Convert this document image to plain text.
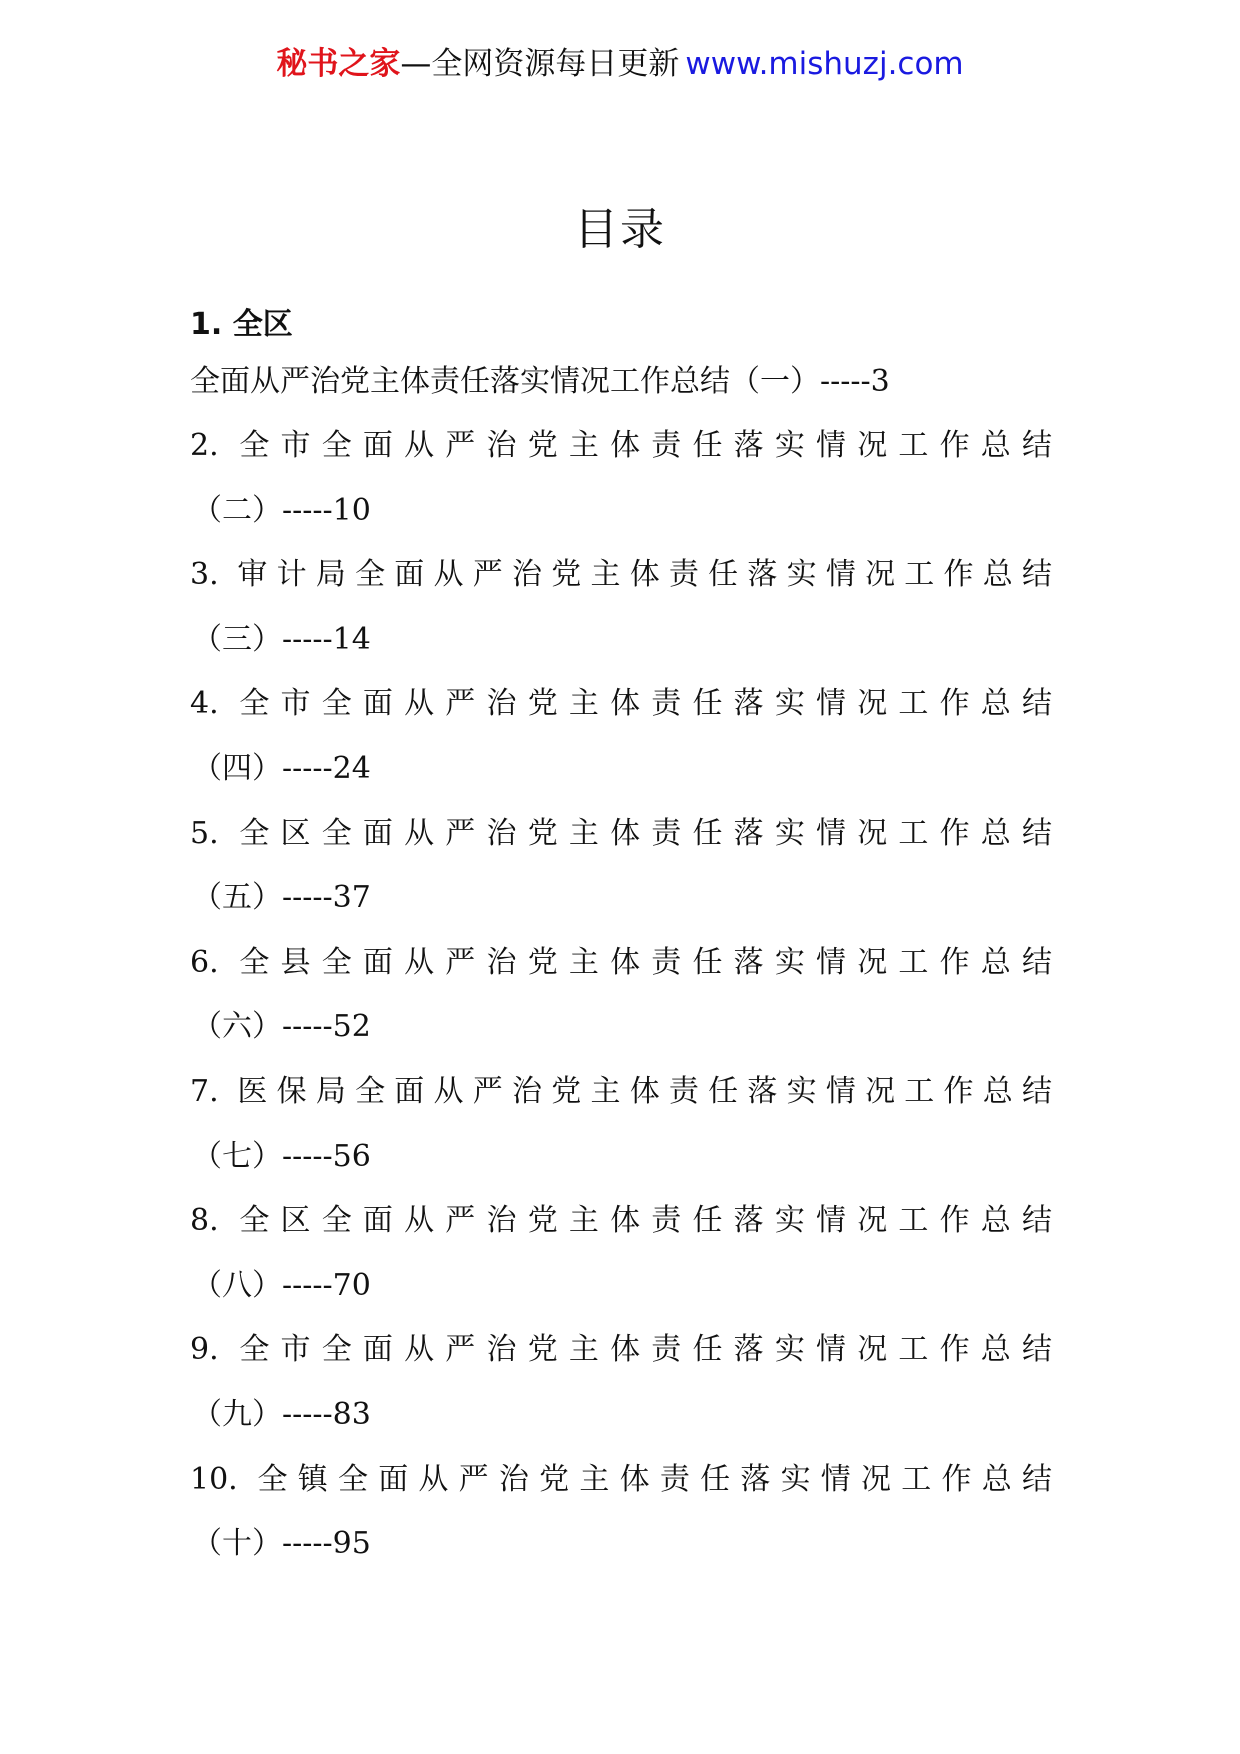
秘书之家—全网资源每日更新 www.mishuzj.com
目录
1. 全区
全面从严治党主体责任落实情况工作总结（一）-----3
2. 全市全面从严治党主体责任落实情况工作总结
（二）-----10
3. 审计局全面从严治党主体责任落实情况工作总结
（三）-----14
4. 全市全面从严治党主体责任落实情况工作总结
（四）-----24
5. 全区全面从严治党主体责任落实情况工作总结
（五）-----37
6. 全县全面从严治党主体责任落实情况工作总结
（六）-----52
7. 医保局全面从严治党主体责任落实情况工作总结
（七）-----56
8. 全区全面从严治党主体责任落实情况工作总结
（八）-----70
9. 全市全面从严治党主体责任落实情况工作总结
（九）-----83
10. 全镇全面从严治党主体责任落实情况工作总结
（十）-----95
